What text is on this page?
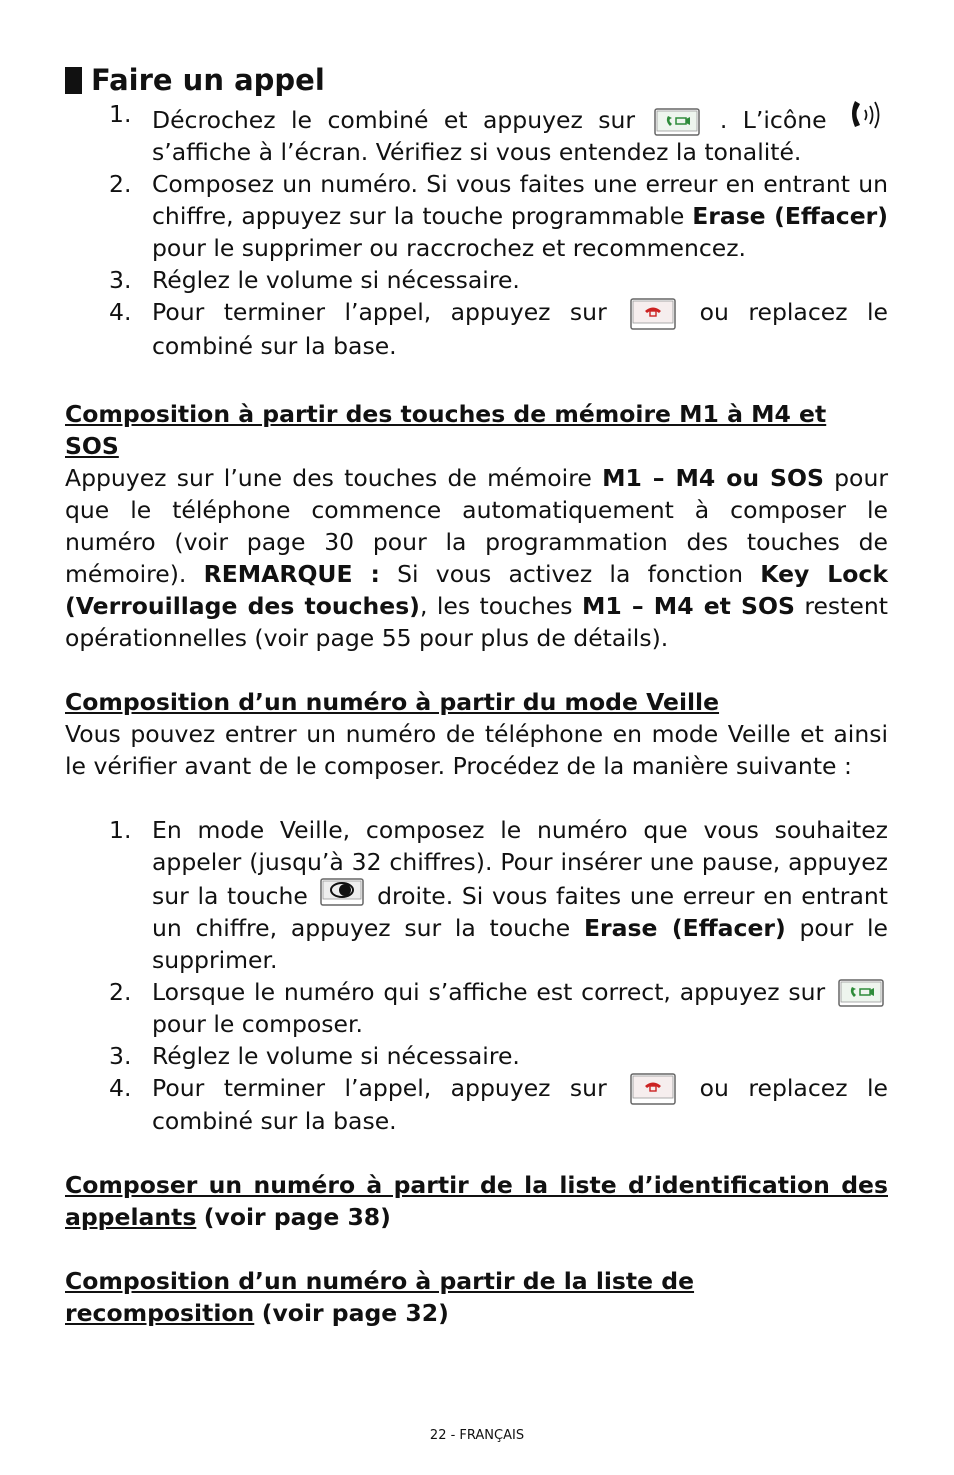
Faire un appel
1. Décrochez le combiné et appuyez sur	. L’icône  s’affiche à l’écran. Vérifiez si vous entendez la tonalité.
2. Composez un numéro. Si vous faites une erreur en entrant un chiffre, appuyez sur la touche programmable Erase (Effacer) pour le supprimer ou raccrochez et recommencez.
3. Réglez le volume si nécessaire.
4. Pour terminer l’appel, appuyez sur	ou replacez le combiné sur la base.
Composition à partir des touches de mémoire M1 à M4 et SOS
Appuyez sur l’une des touches de mémoire M1 – M4 ou SOS pour que le téléphone commence automatiquement à composer le numéro (voir page 30 pour la programmation des touches de mémoire). REMARQUE : Si vous activez la fonction Key Lock (Verrouillage des touches), les touches M1 – M4 et SOS restent opérationnelles (voir page 55 pour plus de détails).
Composition d’un numéro à partir du mode Veille
Vous pouvez entrer un numéro de téléphone en mode Veille et ainsi le vérifier avant de le composer. Procédez de la manière suivante :
1. En mode Veille, composez le numéro que vous souhaitez appeler (jusqu’à 32 chiffres). Pour insérer une pause, appuyez sur la touche	droite. Si vous faites une erreur en entrant un chiffre, appuyez sur la touche Erase (Effacer) pour le supprimer.
2. Lorsque le numéro qui s’affiche est correct, appuyez sur  pour le composer.
3. Réglez le volume si nécessaire.
4. Pour terminer l’appel, appuyez sur	ou replacez le combiné sur la base.
Composer un numéro à partir de la liste d’identification des appelants (voir page 38)
Composition d’un numéro à partir de la liste de recomposition (voir page 32)
22 - FRANÇAIS
